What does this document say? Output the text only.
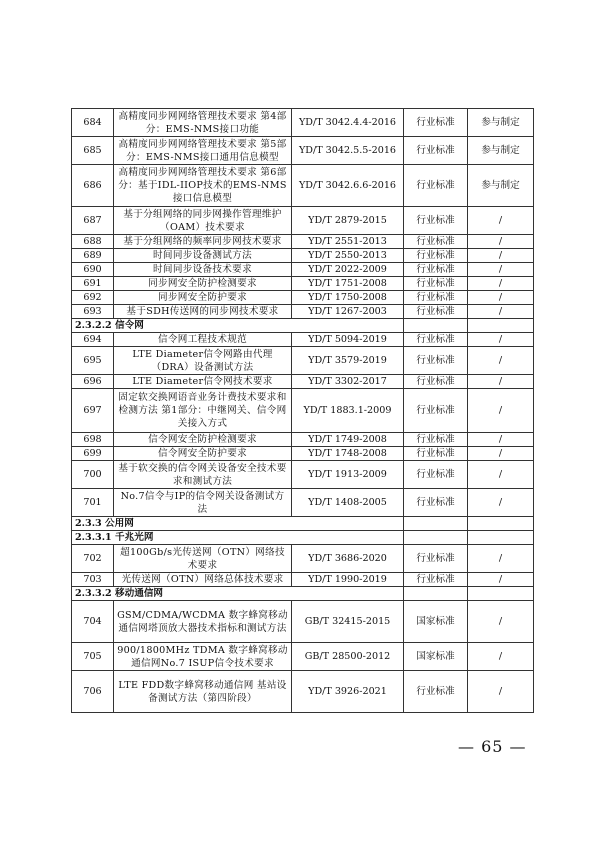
684	高精度同步网网络管理技术要求 第4部分：EMS-NMS接口功能	YD/T 3042.4.4-2016	行业标准	参与制定
685	高精度同步网网络管理技术要求 第5部分：EMS-NMS接口通用信息模型	YD/T 3042.5.5-2016	行业标准	参与制定
686	高精度同步网网络管理技术要求 第6部分：基于IDL-IIOP技术的EMS-NMS接口信息模型	YD/T 3042.6.6-2016	行业标准	参与制定
687	基于分组网络的同步网操作管理维护（OAM）技术要求	YD/T 2879-2015	行业标准	/
688	基于分组网络的频率同步网技术要求	YD/T 2551-2013	行业标准	/
689	时间同步设备测试方法	YD/T 2550-2013	行业标准	/
690	时间同步设备技术要求	YD/T 2022-2009	行业标准	/
691	同步网安全防护检测要求	YD/T 1751-2008	行业标准	/
692	同步网安全防护要求	YD/T 1750-2008	行业标准	/
693	基于SDH传送网的同步网技术要求	YD/T 1267-2003	行业标准	/
2.3.2.2 信令网				
694	信令网工程技术规范	YD/T 5094-2019	行业标准	/
695	LTE Diameter信令网路由代理（DRA）设备测试方法	YD/T 3579-2019	行业标准	/
696	LTE Diameter信令网技术要求	YD/T 3302-2017	行业标准	/
697	固定软交换网语音业务计费技术要求和检测方法 第1部分：中继网关、信令网关接入方式	YD/T 1883.1-2009	行业标准	/
698	信令网安全防护检测要求	YD/T 1749-2008	行业标准	/
699	信令网安全防护要求	YD/T 1748-2008	行业标准	/
700	基于软交换的信令网关设备安全技术要求和测试方法	YD/T 1913-2009	行业标准	/
701	No.7信令与IP的信令网关设备测试方法	YD/T 1408-2005	行业标准	/
2.3.3 公用网				
2.3.3.1 千兆光网				
702	超100Gb/s光传送网（OTN）网络技术要求	YD/T 3686-2020	行业标准	/
703	光传送网（OTN）网络总体技术要求	YD/T 1990-2019	行业标准	/
2.3.3.2 移动通信网				
704	GSM/CDMA/WCDMA 数字蜂窝移动通信网塔顶放大器技术指标和测试方法	GB/T 32415-2015	国家标准	/
705	900/1800MHz TDMA 数字蜂窝移动通信网No.7 ISUP信令技术要求	GB/T 28500-2012	国家标准	/
706	LTE FDD数字蜂窝移动通信网 基站设备测试方法（第四阶段）	YD/T 3926-2021	行业标准	/
— 65 —
